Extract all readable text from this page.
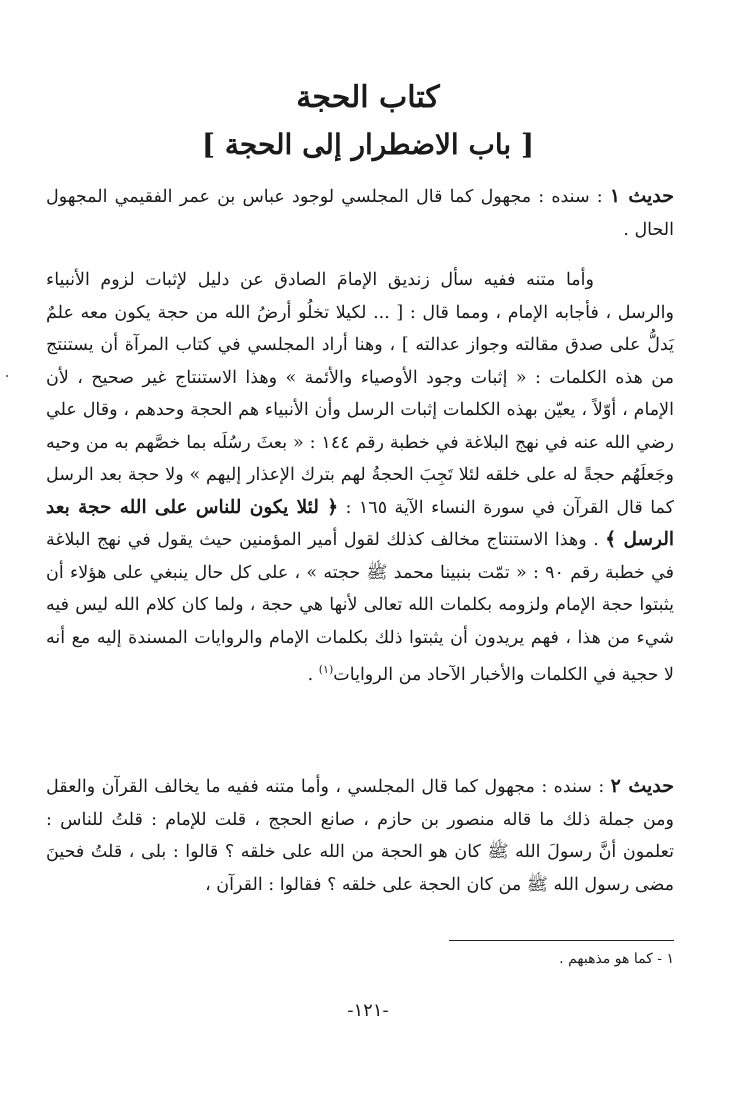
كتاب الحجة
[ باب الاضطرار إلى الحجة ]

حديث ١ : سنده : مجهول كما قال المجلسي لوجود عباس بن عمر الفقيمي المجهول الحال .

وأما متنه ففيه سأل زنديق الإمامَ الصادق عن دليل لإثبات لزوم الأنبياء والرسل ، فأجابه الإمام ، ومما قال : [ ... لكيلا تخلُو أرضُ الله من حجة يكون معه علمٌ يَدلُّ على صدق مقالته وجواز عدالته ] ، وهنا أراد المجلسي في كتاب المرآة أن يستنتج من هذه الكلمات : « إثبات وجود الأوصياء والأئمة » وهذا الاستنتاج غير صحيح ، لأن الإمام ، أوّلاً ، يعيّن بهذه الكلمات إثبات الرسل وأن الأنبياء هم الحجة وحدهم ، وقال علي رضي الله عنه في نهج البلاغة في خطبة رقم ١٤٤ : « بعثَ رسُلَه بما خصَّهم به من وحيه وجَعلَهُم حجةً له على خلقه لئلا تَجِبَ الحجةُ لهم بترك الإعذار إليهم » ولا حجة بعد الرسل كما قال القرآن في سورة النساء الآية ١٦٥ : ﴿ لئلا يكون للناس على الله حجة بعد الرسل ﴾ . وهذا الاستنتاج مخالف كذلك لقول أمير المؤمنين حيث يقول في نهج البلاغة في خطبة رقم ٩٠ : « تمّت بنبينا محمد ﷺ حجته » ، على كل حال ينبغي على هؤلاء أن يثبتوا حجة الإمام ولزومه بكلمات الله تعالى لأنها هي حجة ، ولما كان كلام الله ليس فيه شيء من هذا ، فهم يريدون أن يثبتوا ذلك بكلمات الإمام والروايات المسندة إليه مع أنه لا حجية في الكلمات والأخبار الآحاد من الروايات$^{(١)}$ .

حديث ٢ : سنده : مجهول كما قال المجلسي ، وأما متنه ففيه ما يخالف القرآن والعقل ومن جملة ذلك ما قاله منصور بن حازم ، صانع الحجج ، قلت للإمام : قلتُ للناس : تعلمون أنَّ رسولَ الله ﷺ كان هو الحجة من الله على خلقه ؟ قالوا : بلى ، قلتُ فحينَ مضى رسول الله ﷺ من كان الحجة على خلقه ؟ فقالوا : القرآن ،

١ - كما هو مذهبهم .
-١٢١-
